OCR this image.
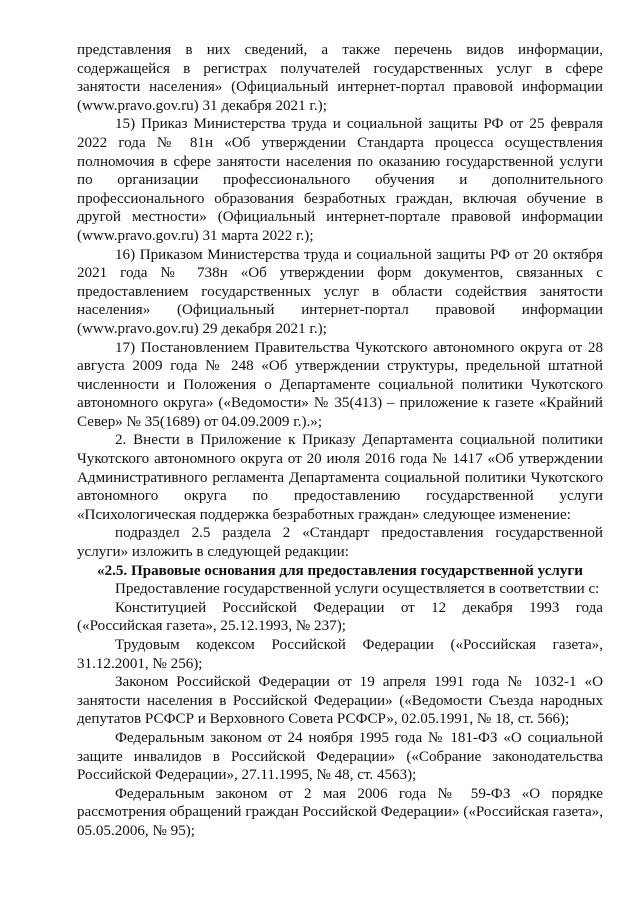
представления в них сведений, а также перечень видов информации, содержащейся в регистрах получателей государственных услуг в сфере занятости населения» (Официальный интернет-портал правовой информации (www.pravo.gov.ru) 31 декабря 2021 г.);

15) Приказ Министерства труда и социальной защиты РФ от 25 февраля 2022 года № 81н «Об утверждении Стандарта процесса осуществления полномочия в сфере занятости населения по оказанию государственной услуги по организации профессионального обучения и дополнительного профессионального образования безработных граждан, включая обучение в другой местности» (Официальный интернет-портале правовой информации (www.pravo.gov.ru) 31 марта 2022 г.);

16) Приказом Министерства труда и социальной защиты РФ от 20 октября 2021 года № 738н «Об утверждении форм документов, связанных с предоставлением государственных услуг в области содействия занятости населения» (Официальный интернет-портал правовой информации (www.pravo.gov.ru) 29 декабря 2021 г.);

17) Постановлением Правительства Чукотского автономного округа от 28 августа 2009 года № 248 «Об утверждении структуры, предельной штатной численности и Положения о Департаменте социальной политики Чукотского автономного округа» («Ведомости» № 35(413) – приложение к газете «Крайний Север» № 35(1689) от 04.09.2009 г.).»;

2. Внести в Приложение к Приказу Департамента социальной политики Чукотского автономного округа от 20 июля 2016 года № 1417 «Об утверждении Административного регламента Департамента социальной политики Чукотского автономного округа по предоставлению государственной услуги «Психологическая поддержка безработных граждан» следующее изменение:

подраздел 2.5 раздела 2 «Стандарт предоставления государственной услуги» изложить в следующей редакции:

«2.5. Правовые основания для предоставления государственной услуги

Предоставление государственной услуги осуществляется в соответствии с:

Конституцией Российской Федерации от 12 декабря 1993 года («Российская газета», 25.12.1993, № 237);

Трудовым кодексом Российской Федерации («Российская газета», 31.12.2001, № 256);

Законом Российской Федерации от 19 апреля 1991 года № 1032-1 «О занятости населения в Российской Федерации» («Ведомости Съезда народных депутатов РСФСР и Верховного Совета РСФСР», 02.05.1991, № 18, ст. 566);

Федеральным законом от 24 ноября 1995 года № 181-ФЗ «О социальной защите инвалидов в Российской Федерации» («Собрание законодательства Российской Федерации», 27.11.1995, № 48, ст. 4563);

Федеральным законом от 2 мая 2006 года № 59-ФЗ «О порядке рассмотрения обращений граждан Российской Федерации» («Российская газета», 05.05.2006, № 95);
